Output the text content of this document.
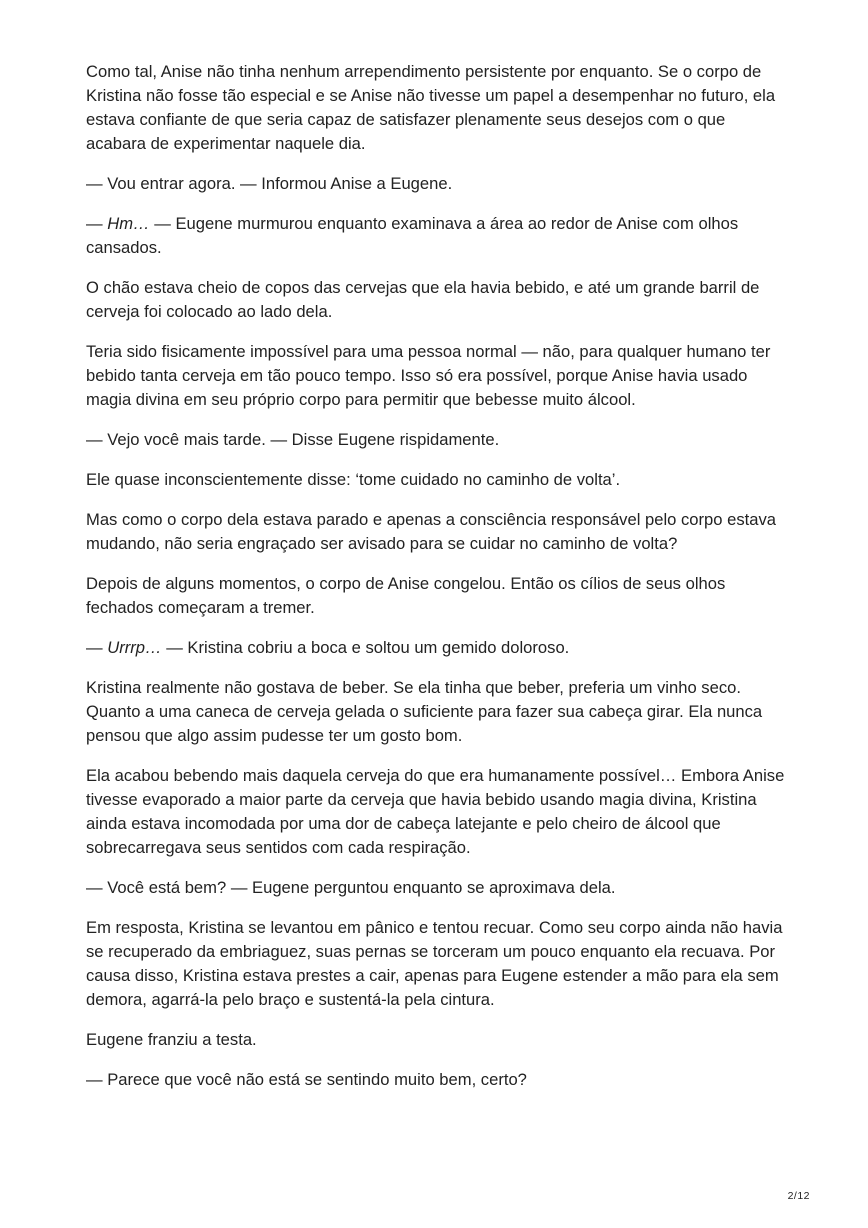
Como tal, Anise não tinha nenhum arrependimento persistente por enquanto. Se o corpo de Kristina não fosse tão especial e se Anise não tivesse um papel a desempenhar no futuro, ela estava confiante de que seria capaz de satisfazer plenamente seus desejos com o que acabara de experimentar naquele dia.

— Vou entrar agora. — Informou Anise a Eugene.

— Hm… — Eugene murmurou enquanto examinava a área ao redor de Anise com olhos cansados.

O chão estava cheio de copos das cervejas que ela havia bebido, e até um grande barril de cerveja foi colocado ao lado dela.

Teria sido fisicamente impossível para uma pessoa normal — não, para qualquer humano ter bebido tanta cerveja em tão pouco tempo. Isso só era possível, porque Anise havia usado magia divina em seu próprio corpo para permitir que bebesse muito álcool.

— Vejo você mais tarde. — Disse Eugene rispidamente.

Ele quase inconscientemente disse: ‘tome cuidado no caminho de volta’.

Mas como o corpo dela estava parado e apenas a consciência responsável pelo corpo estava mudando, não seria engraçado ser avisado para se cuidar no caminho de volta?

Depois de alguns momentos, o corpo de Anise congelou. Então os cílios de seus olhos fechados começaram a tremer.

— Urrrp… — Kristina cobriu a boca e soltou um gemido doloroso.

Kristina realmente não gostava de beber. Se ela tinha que beber, preferia um vinho seco. Quanto a uma caneca de cerveja gelada o suficiente para fazer sua cabeça girar. Ela nunca pensou que algo assim pudesse ter um gosto bom.

Ela acabou bebendo mais daquela cerveja do que era humanamente possível… Embora Anise tivesse evaporado a maior parte da cerveja que havia bebido usando magia divina, Kristina ainda estava incomodada por uma dor de cabeça latejante e pelo cheiro de álcool que sobrecarregava seus sentidos com cada respiração.

— Você está bem? — Eugene perguntou enquanto se aproximava dela.

Em resposta, Kristina se levantou em pânico e tentou recuar. Como seu corpo ainda não havia se recuperado da embriaguez, suas pernas se torceram um pouco enquanto ela recuava. Por causa disso, Kristina estava prestes a cair, apenas para Eugene estender a mão para ela sem demora, agarrá-la pelo braço e sustentá-la pela cintura.

Eugene franziu a testa.

— Parece que você não está se sentindo muito bem, certo?

2/12
